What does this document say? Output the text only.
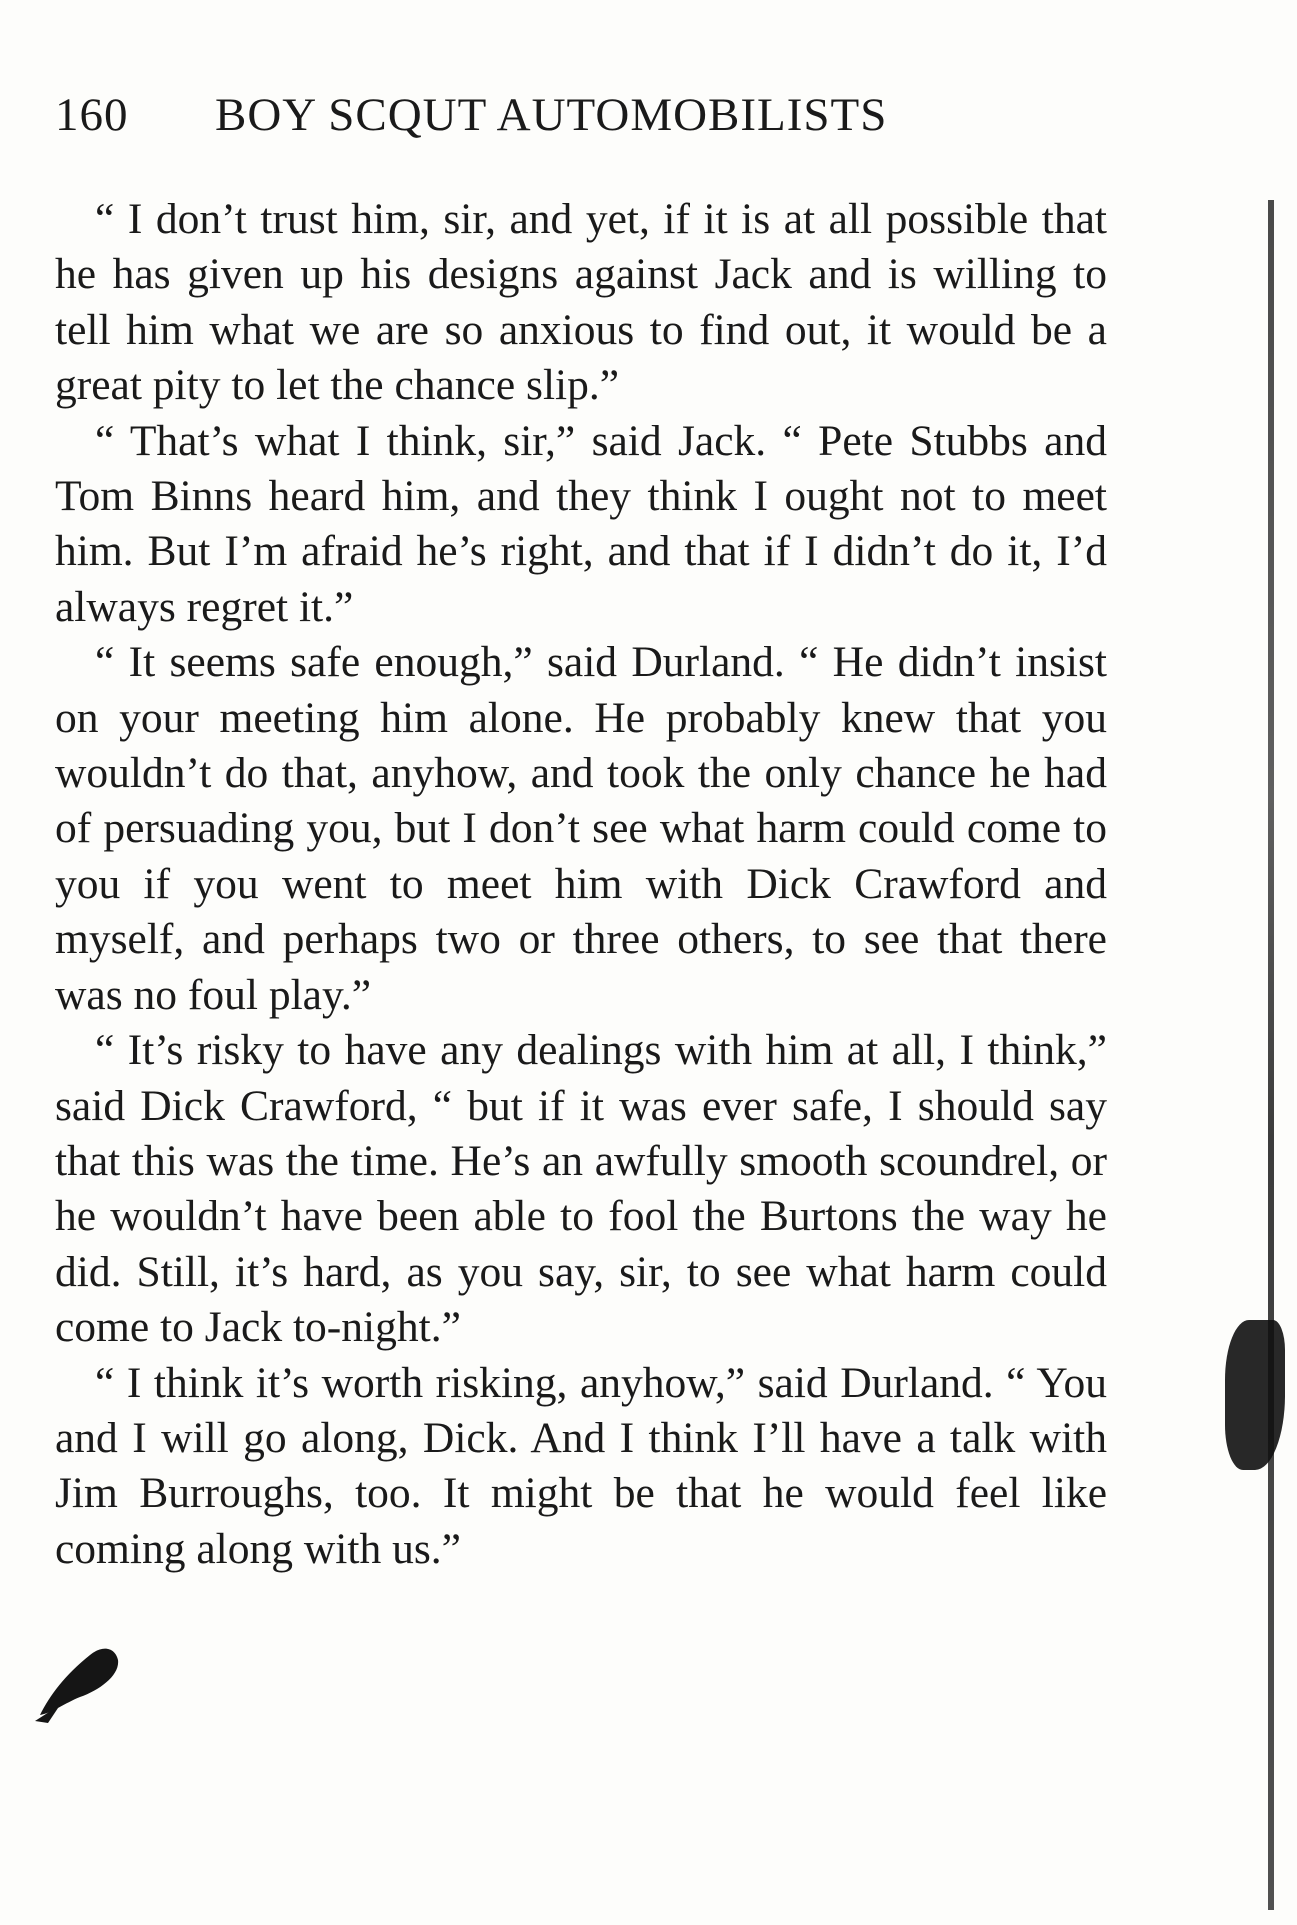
160 BOY SCQUT AUTOMOBILISTS

“ I don’t trust him, sir, and yet, if it is at all possible that he has given up his designs against Jack and is willing to tell him what we are so anxious to find out, it would be a great pity to let the chance slip.”

“ That’s what I think, sir,” said Jack. “ Pete Stubbs and Tom Binns heard him, and they think I ought not to meet him. But I’m afraid he’s right, and that if I didn’t do it, I’d always regret it.”

“ It seems safe enough,” said Durland. “ He didn’t insist on your meeting him alone. He probably knew that you wouldn’t do that, anyhow, and took the only chance he had of persuading you, but I don’t see what harm could come to you if you went to meet him with Dick Crawford and myself, and perhaps two or three others, to see that there was no foul play.”

“ It’s risky to have any dealings with him at all, I think,” said Dick Crawford, “ but if it was ever safe, I should say that this was the time. He’s an awfully smooth scoundrel, or he wouldn’t have been able to fool the Burtons the way he did. Still, it’s hard, as you say, sir, to see what harm could come to Jack to-night.”

“ I think it’s worth risking, anyhow,” said Durland. “ You and I will go along, Dick. And I think I’ll have a talk with Jim Burroughs, too. It might be that he would feel like coming along with us.”
